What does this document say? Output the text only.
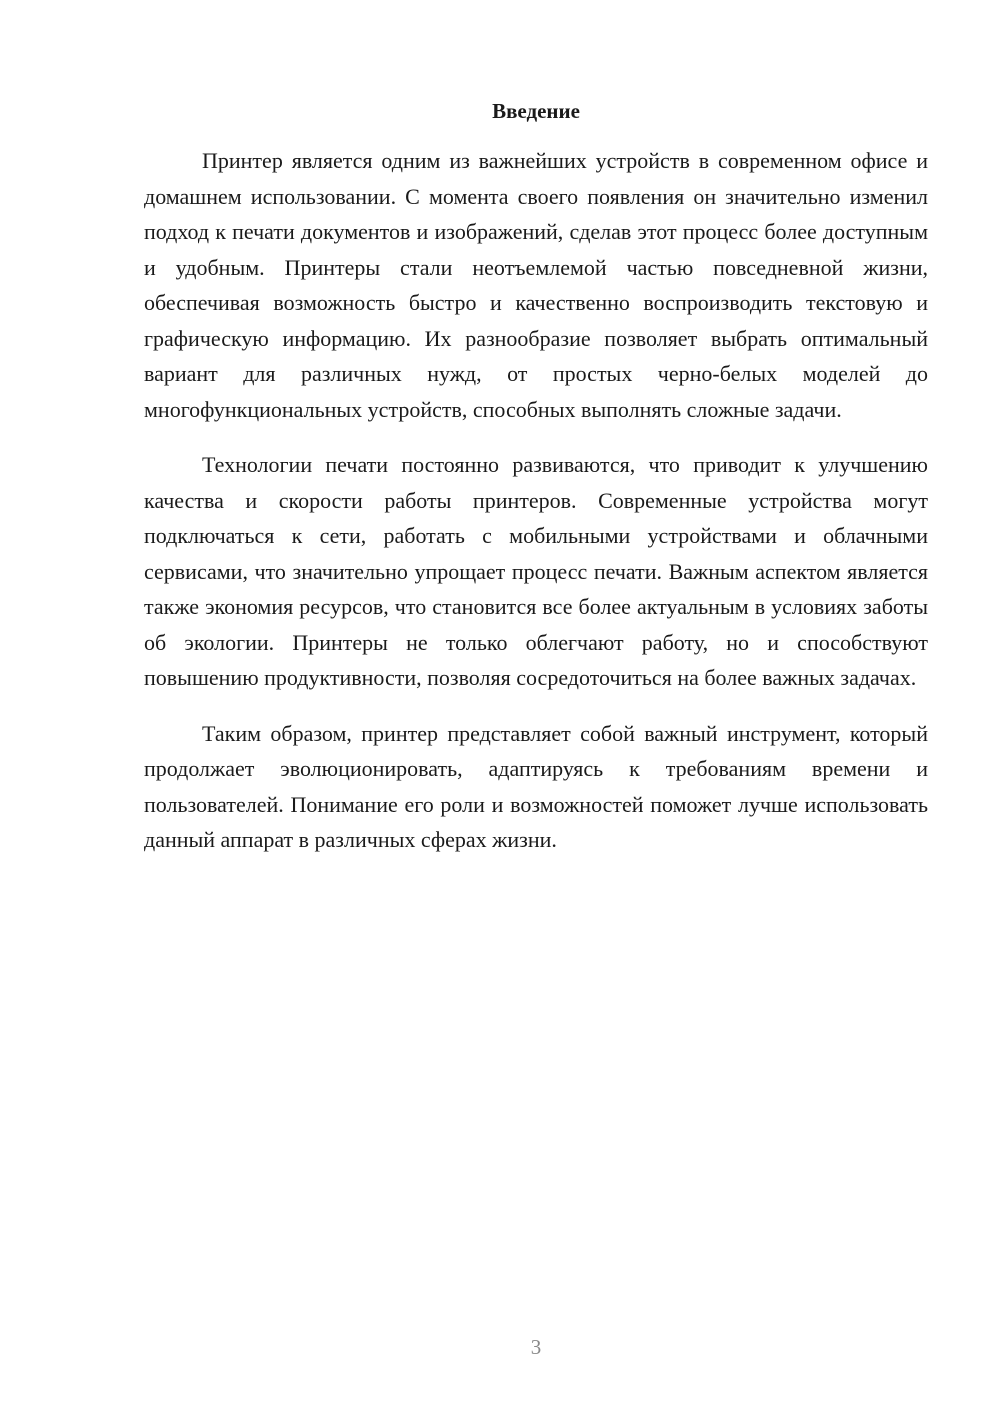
Введение

Принтер является одним из важнейших устройств в современном офисе и домашнем использовании. С момента своего появления он значительно изменил подход к печати документов и изображений, сделав этот процесс более доступным и удобным. Принтеры стали неотъемлемой частью повседневной жизни, обеспечивая возможность быстро и качественно воспроизводить текстовую и графическую информацию. Их разнообразие позволяет выбрать оптимальный вариант для различных нужд, от простых черно-белых моделей до многофункциональных устройств, способных выполнять сложные задачи.

Технологии печати постоянно развиваются, что приводит к улучшению качества и скорости работы принтеров. Современные устройства могут подключаться к сети, работать с мобильными устройствами и облачными сервисами, что значительно упрощает процесс печати. Важным аспектом является также экономия ресурсов, что становится все более актуальным в условиях заботы об экологии. Принтеры не только облегчают работу, но и способствуют повышению продуктивности, позволяя сосредоточиться на более важных задачах.

Таким образом, принтер представляет собой важный инструмент, который продолжает эволюционировать, адаптируясь к требованиям времени и пользователей. Понимание его роли и возможностей поможет лучше использовать данный аппарат в различных сферах жизни.

3
